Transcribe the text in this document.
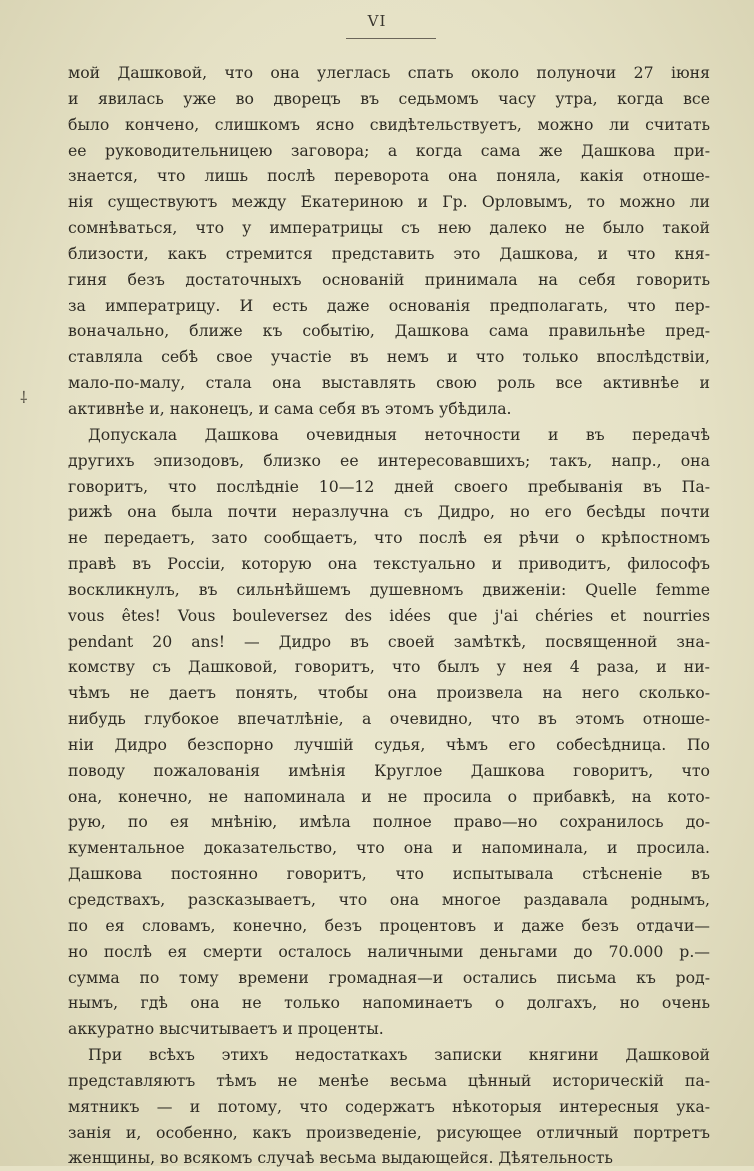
VI
⸸
мой Дашковой, что она улеглась спать около полуночи 27 іюня
и явилась уже во дворецъ въ седьмомъ часу утра, когда все
было кончено, слишкомъ ясно свидѣтельствуетъ, можно ли считать
ее руководительницею заговора; а когда сама же Дашкова при-
знается, что лишь послѣ переворота она поняла, какія отноше-
нія существуютъ между Екатериною и Гр. Орловымъ, то можно ли
сомнѣваться, что у императрицы съ нею далеко не было такой
близости, какъ стремится представить это Дашкова, и что кня-
гиня безъ достаточныхъ основаній принимала на себя говорить
за императрицу. И есть даже основанія предполагать, что пер-
воначально, ближе къ событію, Дашкова сама правильнѣе пред-
ставляла себѣ свое участіе въ немъ и что только впослѣдствіи,
мало-по-малу, стала она выставлять свою роль все активнѣе и
активнѣе и, наконецъ, и сама себя въ этомъ убѣдила.
Допускала Дашкова очевидныя неточности и въ передачѣ
другихъ эпизодовъ, близко ее интересовавшихъ; такъ, напр., она
говоритъ, что послѣдніе 10—12 дней своего пребыванія въ Па-
рижѣ она была почти неразлучна съ Дидро, но его бесѣды почти
не передаетъ, зато сообщаетъ, что послѣ ея рѣчи о крѣпостномъ
правѣ въ Россіи, которую она текстуально и приводитъ, философъ
воскликнулъ, въ сильнѣйшемъ душевномъ движеніи: Quelle femme
vous êtes! Vous bouleversez des idées que j'ai chéries et nourries
pendant 20 ans! — Дидро въ своей замѣткѣ, посвященной зна-
комству съ Дашковой, говоритъ, что былъ у нея 4 раза, и ни-
чѣмъ не даетъ понять, чтобы она произвела на него сколько-
нибудь глубокое впечатлѣніе, а очевидно, что въ этомъ отноше-
ніи Дидро безспорно лучшій судья, чѣмъ его собесѣдница. По
поводу пожалованія имѣнія Круглое Дашкова говоритъ, что
она, конечно, не напоминала и не просила о прибавкѣ, на кото-
рую, по ея мнѣнію, имѣла полное право—но сохранилось до-
кументальное доказательство, что она и напоминала, и просила.
Дашкова постоянно говоритъ, что испытывала стѣсненіе въ
средствахъ, разсказываетъ, что она многое раздавала роднымъ,
по ея словамъ, конечно, безъ процентовъ и даже безъ отдачи—
но послѣ ея смерти осталось наличными деньгами до 70.000 р.—
сумма по тому времени громадная—и остались письма къ род-
нымъ, гдѣ она не только напоминаетъ о долгахъ, но очень
аккуратно высчитываетъ и проценты.
При всѣхъ этихъ недостаткахъ записки княгини Дашковой
представляютъ тѣмъ не менѣе весьма цѣнный историческій па-
мятникъ — и потому, что содержатъ нѣкоторыя интересныя ука-
занія и, особенно, какъ произведеніе, рисующее отличный портретъ
женщины, во всякомъ случаѣ весьма выдающейся. Дѣятельность
